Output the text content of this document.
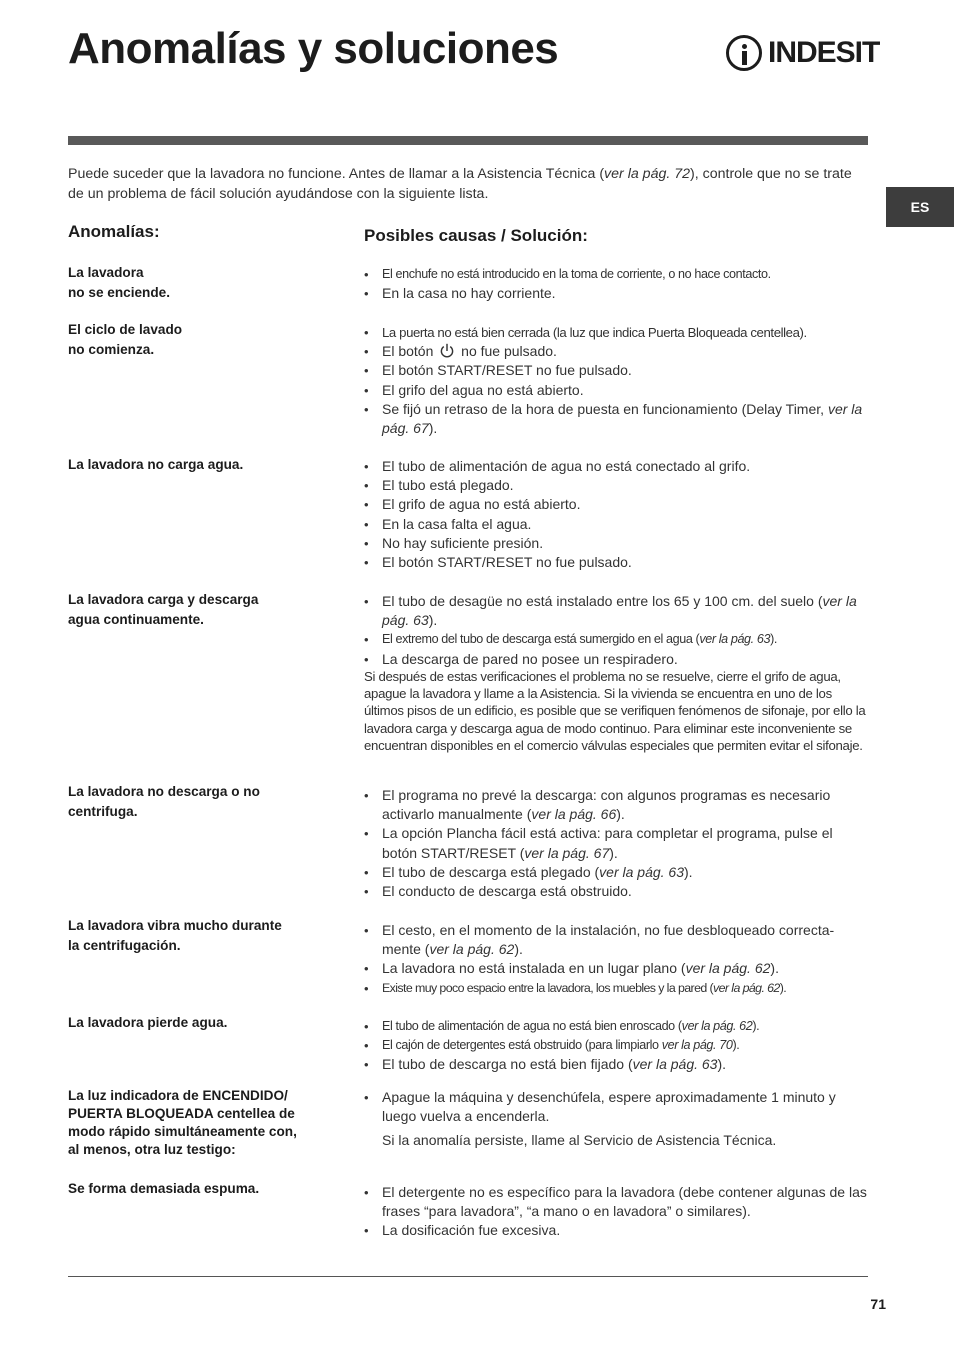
Anomalías y soluciones	INDESIT
ES

Puede suceder que la lavadora no funcione. Antes de llamar a la Asistencia Técnica (ver la pág. 72), controle que no se trate de un problema de fácil solución ayudándose con la siguiente lista.

Anomalías:	Posibles causas / Solución:

La lavadora
no se enciende.

• El enchufe no está introducido en la toma de corriente, o no hace contacto.
• En la casa no hay corriente.

El ciclo de lavado
no comienza.

• La puerta no está bien cerrada (la luz que indica Puerta Bloqueada centellea).
• El botón no fue pulsado.
• El botón START/RESET no fue pulsado.
• El grifo del agua no está abierto.
• Se fijó un retraso de la hora de puesta en funcionamiento (Delay Timer, ver la pág. 67).

La lavadora no carga agua.	• El tubo de alimentación de agua no está conectado al grifo.
• El tubo está plegado.
• El grifo de agua no está abierto.
• En la casa falta el agua.
• No hay suficiente presión.
• El botón START/RESET no fue pulsado.

La lavadora carga y descarga
agua continuamente.

• El tubo de desagüe no está instalado entre los 65 y 100 cm. del suelo (ver la pág. 63).
• El extremo del tubo de descarga está sumergido en el agua (ver la pág. 63).
• La descarga de pared no posee un respiradero.

Si después de estas verificaciones el problema no se resuelve, cierre el grifo de agua, apague la lavadora y llame a la Asistencia. Si la vivienda se encuentra en uno de los últimos pisos de un edificio, es posible que se verifiquen fenómenos de sifonaje, por ello la lavadora carga y descarga agua de modo continuo. Para eliminar este inconveniente se encuentran disponibles en el comercio válvulas especiales que permiten evitar el sifonaje.

La lavadora no descarga o no
centrifuga.

• El programa no prevé la descarga: con algunos programas es necesario activarlo manualmente (ver la pág. 66).
• La opción Plancha fácil está activa: para completar el programa, pulse el botón START/RESET (ver la pág. 67).
• El tubo de descarga está plegado (ver la pág. 63).
• El conducto de descarga está obstruido.

La lavadora vibra mucho durante
la centrifugación.

• El cesto, en el momento de la instalación, no fue desbloqueado correcta-mente (ver la pág. 62).
• La lavadora no está instalada en un lugar plano (ver la pág. 62).
• Existe muy poco espacio entre la lavadora, los muebles y la pared (ver la pág. 62).

La lavadora pierde agua.	• El tubo de alimentación de agua no está bien enroscado (ver la pág. 62).
• El cajón de detergentes está obstruido (para limpiarlo ver la pág. 70).
• El tubo de descarga no está bien fijado (ver la pág. 63).

La luz indicadora de ENCENDIDO/
PUERTA BLOQUEADA centellea de
modo rápido simultáneamente con,
al menos, otra luz testigo:

• Apague la máquina y desenchúfela, espere aproximadamente 1 minuto y luego vuelva a encenderla.

Si la anomalía persiste, llame al Servicio de Asistencia Técnica.

Se forma demasiada espuma.	• El detergente no es específico para la lavadora (debe contener algunas de las frases “para lavadora”, “a mano o en lavadora” o similares).
• La dosificación fue excesiva.
71
